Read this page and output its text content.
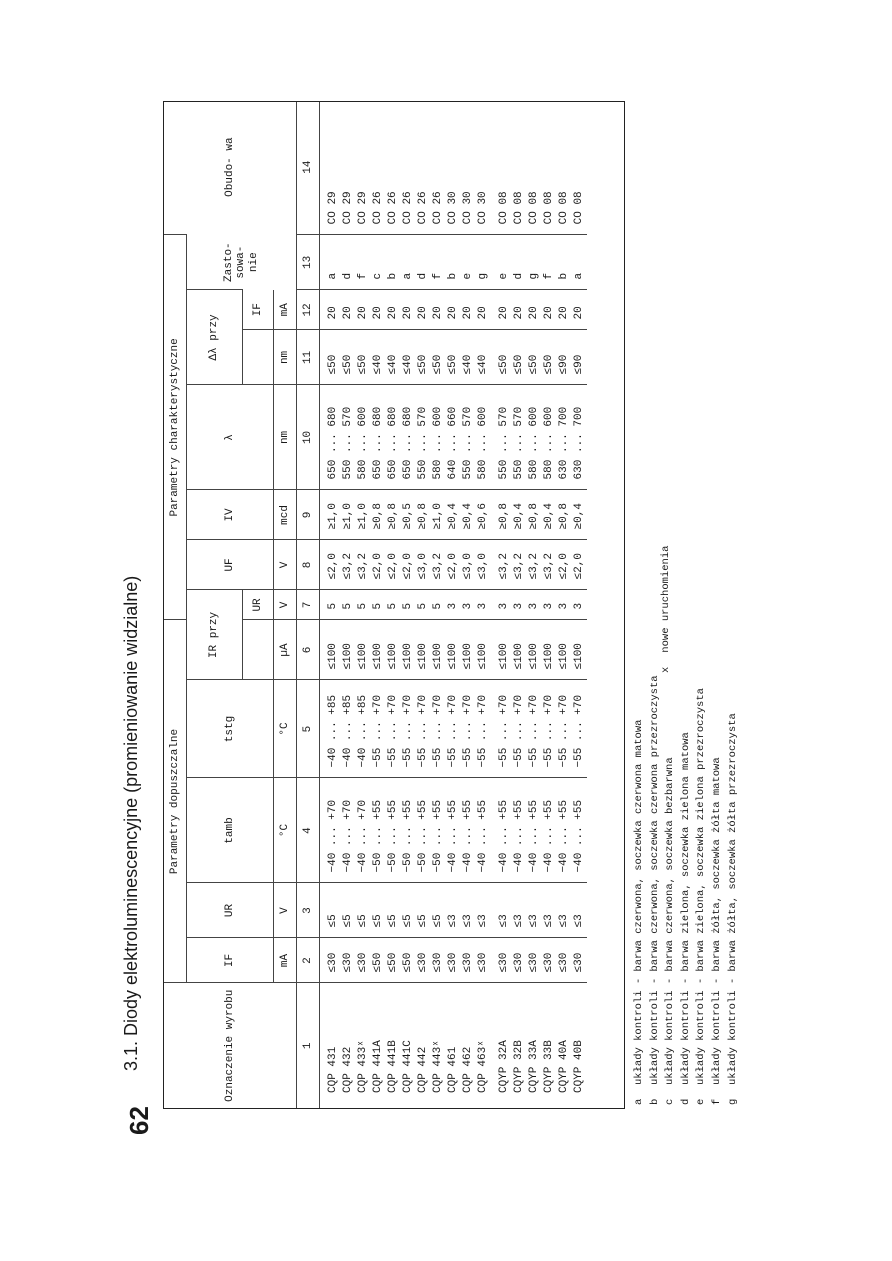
62
3.1. Diody elektroluminescencyjne (promieniowanie widzialne)	Oznaczenie wyrobu	Parametry dopuszczalne					Parametry charakterystyczne							Obudo- wa
	IF	UR	tamb	tstg	IR przy		UF	IV	λ	Δλ przy		Zasto- sowa- nie	
						UR					IF		
	mA	V	°C	°C	µA	V	V	mcd	nm	nm	mA		
1	2	3	4	5	6	7	8	9	10	11	12	13	14
CQP 431	≤30	≤5	−40 ... +70	−40 ... +85	≤100	5	≤2,0	≥1,0	650 ... 680	≤50	20	a	CO 29
CQP 432	≤30	≤5	−40 ... +70	−40 ... +85	≤100	5	≤3,2	≥1,0	550 ... 570	≤50	20	d	CO 29
CQP 433ˣ	≤30	≤5	−40 ... +70	−40 ... +85	≤100	5	≤3,2	≥1,0	580 ... 600	≤50	20	f	CO 29
CQP 441A	≤50	≤5	−50 ... +55	−55 ... +70	≤100	5	≤2,0	≥0,8	650 ... 680	≤40	20	c	CO 26
CQP 441B	≤50	≤5	−50 ... +55	−55 ... +70	≤100	5	≤2,0	≥0,8	650 ... 680	≤40	20	b	CO 26
CQP 441C	≤50	≤5	−50 ... +55	−55 ... +70	≤100	5	≤2,0	≥0,5	650 ... 680	≤40	20	a	CO 26
CQP 442	≤30	≤5	−50 ... +55	−55 ... +70	≤100	5	≤3,0	≥0,8	550 ... 570	≤50	20	d	CO 26
CQP 443ˣ	≤30	≤5	−50 ... +55	−55 ... +70	≤100	5	≤3,2	≥1,0	580 ... 600	≤50	20	f	CO 26
CQP 461	≤30	≤3	−40 ... +55	−55 ... +70	≤100	3	≤2,0	≥0,4	640 ... 660	≤50	20	b	CO 30
CQP 462	≤30	≤3	−40 ... +55	−55 ... +70	≤100	3	≤3,0	≥0,4	550 ... 570	≤40	20	e	CO 30
CQP 463ˣ	≤30	≤3	−40 ... +55	−55 ... +70	≤100	3	≤3,0	≥0,6	580 ... 600	≤40	20	g	CO 30

CQYP 32A	≤30	≤3	−40 ... +55	−55 ... +70	≤100	3	≤3,2	≥0,8	550 ... 570	≤50	20	e	CO 08
CQYP 32B	≤30	≤3	−40 ... +55	−55 ... +70	≤100	3	≤3,2	≥0,4	550 ... 570	≤50	20	d	CO 08
CQYP 33A	≤30	≤3	−40 ... +55	−55 ... +70	≤100	3	≤3,2	≥0,8	580 ... 600	≤50	20	g	CO 08
CQYP 33B	≤30	≤3	−40 ... +55	−55 ... +70	≤100	3	≤3,2	≥0,4	580 ... 600	≤50	20	f	CO 08
CQYP 40A	≤30	≤3	−40 ... +55	−55 ... +70	≤100	3	≤2,0	≥0,8	630 ... 700	≤90	20	b	CO 08
CQYP 40B	≤30	≤3	−40 ... +55	−55 ... +70	≤100	3	≤2,0	≥0,4	630 ... 700	≤90	20	a	CO 08
aukłady kontroli - barwa czerwona, soczewka czerwona matowa
bukłady kontroli - barwa czerwona, soczewka czerwona przezroczysta
cukłady kontroli - barwa czerwona, soczewka bezbarwna
dukłady kontroli - barwa zielona, soczewka zielona matowa
eukłady kontroli - barwa zielona, soczewka zielona przezroczysta
fukłady kontroli - barwa żółta, soczewka żółta matowa
gukłady kontroli - barwa żółta, soczewka żółta przezroczysta
xnowe uruchomienia
